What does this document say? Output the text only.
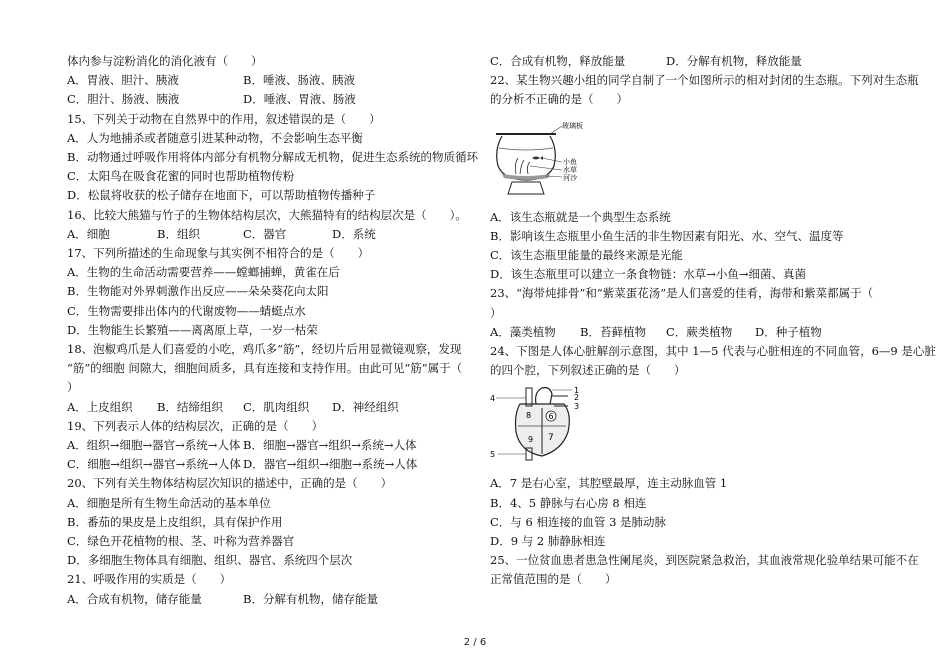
体内参与淀粉消化的消化液有（　　）
A．胃液、胆汁、胰液	B．唾液、肠液、胰液
C．胆汁、肠液、胰液	D．唾液、胃液、肠液
15、下列关于动物在自然界中的作用，叙述错误的是（　　）
A．人为地捕杀或者随意引进某种动物，不会影响生态平衡
B．动物通过呼吸作用将体内部分有机物分解成无机物，促进生态系统的物质循环
C．太阳鸟在吸食花蜜的同时也帮助植物传粉
D．松鼠将收获的松子储存在地面下，可以帮助植物传播种子
16、比较大熊猫与竹子的生物体结构层次，大熊猫特有的结构层次是（　　）。
A．细胞	B．组织	C．器官	D．系统
17、下列所描述的生命现象与其实例不相符合的是（　　）
A．生物的生命活动需要营养——螳螂捕蝉，黄雀在后
B．生物能对外界刺激作出反应——朵朵葵花向太阳
C．生物需要排出体内的代谢废物——蜻蜓点水
D．生物能生长繁殖——离离原上草，一岁一枯荣
18、泡椒鸡爪是人们喜爱的小吃，鸡爪多“筋”，经切片后用显微镜观察，发现
“筋”的细胞 间隙大，细胞间质多，具有连接和支持作用。由此可见“筋”属于（
）
A．上皮组织 B．结缔组织 C．肌肉组织 D．神经组织
19、下列表示人体的结构层次，正确的是（　　）
A．组织→细胞→器官→系统→人体 B．细胞→器官→组织→系统→人体
C．细胞→组织→器官→系统→人体 D．器官→组织→细胞→系统→人体
20、下列有关生物体结构层次知识的描述中，正确的是（　　）
A．细胞是所有生物生命活动的基本单位
B．番茄的果皮是上皮组织，具有保护作用
C．绿色开花植物的根、茎、叶称为营养器官
D．多细胞生物体具有细胞、组织、器官、系统四个层次
21、呼吸作用的实质是（　　）
A．合成有机物，储存能量	B．分解有机物，储存能量
C．合成有机物，释放能量	D．分解有机物，释放能量
22、某生物兴趣小组的同学自制了一个如图所示的相对封闭的生态瓶。下列对生态瓶
的分析不正确的是（　　）
玻璃板
小鱼
水草
河沙
A．该生态瓶就是一个典型生态系统
B．影响该生态瓶里小鱼生活的非生物因素有阳光、水、空气、温度等
C．该生态瓶里能量的最终来源是光能
D．该生态瓶里可以建立一条食物链：水草→小鱼→细菌、真菌
23、“海带炖排骨”和“紫菜蛋花汤”是人们喜爱的佳肴，海带和紫菜都属于（
）
A．藻类植物 B．苔藓植物 C．蕨类植物 D．种子植物
24、下图是人体心脏解剖示意图，其中 1—5 代表与心脏相连的不同血管，6—9 是心脏
的四个腔，下列叙述正确的是（　　）
4
5
1
2
3
6
7
8
9
A．7 是右心室，其腔壁最厚，连主动脉血管 1
B．4、5 静脉与右心房 8 相连
C．与 6 相连接的血管 3 是肺动脉
D．9 与 2 肺静脉相连
25、一位贫血患者患急性阑尾炎，到医院紧急救治，其血液常规化验单结果可能不在
正常值范围的是（　　）
2 / 6
